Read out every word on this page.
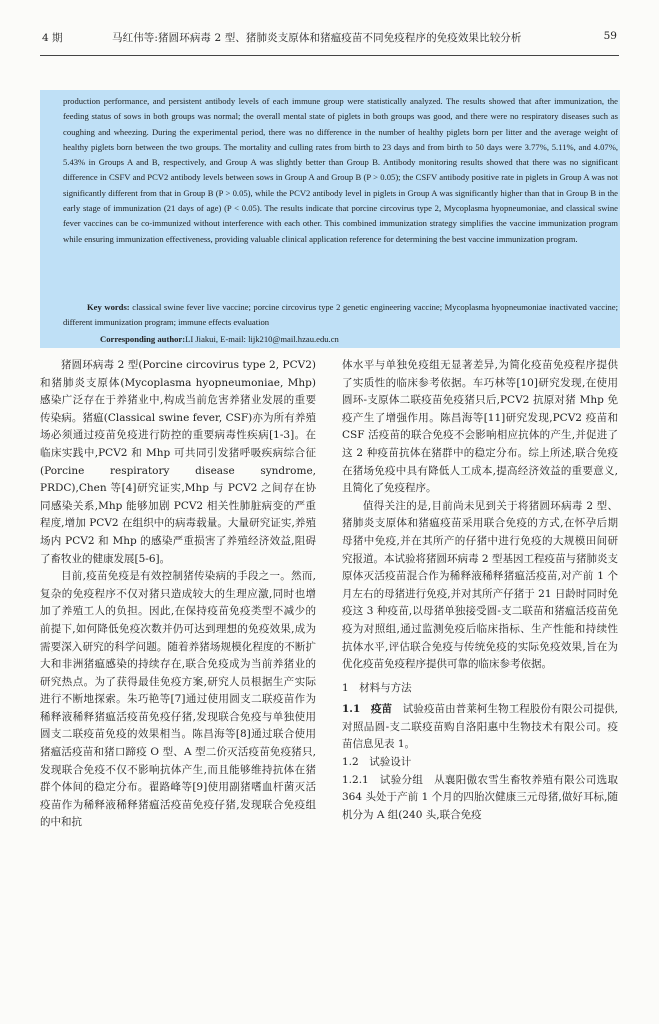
4 期	马红伟等:猪圆环病毒 2 型、猪肺炎支原体和猪瘟疫苗不同免疫程序的免疫效果比较分析	59

production performance, and persistent antibody levels of each immune group were statistically analyzed. The results showed that after immunization, the feeding status of sows in both groups was normal; the overall mental state of piglets in both groups was good, and there were no respiratory diseases such as coughing and wheezing. During the experimental period, there was no difference in the number of healthy piglets born per litter and the average weight of healthy piglets born between the two groups. The mortality and culling rates from birth to 23 days and from birth to 50 days were 3.77%, 5.11%, and 4.07%, 5.43% in Groups A and B, respectively, and Group A was slightly better than Group B. Antibody monitoring results showed that there was no significant difference in CSFV and PCV2 antibody levels between sows in Group A and Group B (P > 0.05); the CSFV antibody positive rate in piglets in Group A was not significantly different from that in Group B (P > 0.05), while the PCV2 antibody level in piglets in Group A was significantly higher than that in Group B in the early stage of immunization (21 days of age) (P < 0.05). The results indicate that porcine circovirus type 2, Mycoplasma hyopneumoniae, and classical swine fever vaccines can be co-immunized without interference with each other. This combined immunization strategy simplifies the vaccine immunization program while ensuring immunization effectiveness, providing valuable clinical application reference for determining the best vaccine immunization program.

Key words: classical swine fever live vaccine; porcine circovirus type 2 genetic engineering vaccine; Mycoplasma hyopneumoniae inactivated vaccine; different immunization program; immune effects evaluation

Corresponding author:LI Jiakui, E-mail: lijk210@mail.hzau.edu.cn

猪圆环病毒 2 型(Porcine circovirus type 2, PCV2)和猪肺炎支原体(Mycoplasma hyopneumoniae, Mhp)感染广泛存在于养猪业中,构成当前危害养猪业发展的重要传染病。猪瘟(Classical swine fever, CSF)亦为所有养殖场必须通过疫苗免疫进行防控的重要病毒性疾病[1-3]。在临床实践中,PCV2 和 Mhp 可共同引发猪呼吸疾病综合征(Porcine respiratory disease syndrome, PRDC),Chen 等[4]研究证实,Mhp 与 PCV2 之间存在协同感染关系,Mhp 能够加剧 PCV2 相关性肺脏病变的严重程度,增加 PCV2 在组织中的病毒载量。大量研究证实,养殖场内 PCV2 和 Mhp 的感染严重损害了养殖经济效益,阻碍了畜牧业的健康发展[5-6]。

目前,疫苗免疫是有效控制猪传染病的手段之一。然而,复杂的免疫程序不仅对猪只造成较大的生理应激,同时也增加了养殖工人的负担。因此,在保持疫苗免疫类型不减少的前提下,如何降低免疫次数并仍可达到理想的免疫效果,成为需要深入研究的科学问题。随着养猪场规模化程度的不断扩大和非洲猪瘟感染的持续存在,联合免疫成为当前养猪业的研究热点。为了获得最佳免疫方案,研究人员根据生产实际进行不断地探索。朱巧艳等[7]通过使用圆支二联疫苗作为稀释液稀释猪瘟活疫苗免疫仔猪,发现联合免疫与单独使用圆支二联疫苗免疫的效果相当。陈昌海等[8]通过联合使用猪瘟活疫苗和猪口蹄疫 O 型、A 型二价灭活疫苗免疫猪只,发现联合免疫不仅不影响抗体产生,而且能够维持抗体在猪群个体间的稳定分布。翟路峰等[9]使用副猪嗜血杆菌灭活疫苗作为稀释液稀释猪瘟活疫苗免疫仔猪,发现联合免疫组的中和抗

体水平与单独免疫组无显著差异,为简化疫苗免疫程序提供了实质性的临床参考依据。车巧林等[10]研究发现,在使用圆环-支原体二联疫苗免疫猪只后,PCV2 抗原对猪 Mhp 免疫产生了增强作用。陈昌海等[11]研究发现,PCV2 疫苗和 CSF 活疫苗的联合免疫不会影响相应抗体的产生,并促进了这 2 种疫苗抗体在猪群中的稳定分布。综上所述,联合免疫在猪场免疫中具有降低人工成本,提高经济效益的重要意义,且简化了免疫程序。

值得关注的是,目前尚未见到关于将猪圆环病毒 2 型、猪肺炎支原体和猪瘟疫苗采用联合免疫的方式,在怀孕后期母猪中免疫,并在其所产的仔猪中进行免疫的大规模田间研究报道。本试验将猪圆环病毒 2 型基因工程疫苗与猪肺炎支原体灭活疫苗混合作为稀释液稀释猪瘟活疫苗,对产前 1 个月左右的母猪进行免疫,并对其所产仔猪于 21 日龄时同时免疫这 3 种疫苗,以母猪单独接受圆-支二联苗和猪瘟活疫苗免疫为对照组,通过监测免疫后临床指标、生产性能和持续性抗体水平,评估联合免疫与传统免疫的实际免疫效果,旨在为优化疫苗免疫程序提供可靠的临床参考依据。

1　材料与方法

1.1　疫苗　 试验疫苗由普莱柯生物工程股份有限公司提供,对照品圆-支二联疫苗购自洛阳惠中生物技术有限公司。疫苗信息见表 1。

1.2　试验设计

1.2.1　试验分组　 从襄阳傲农雪生畜牧养殖有限公司选取 364 头处于产前 1 个月的四胎次健康三元母猪,做好耳标,随机分为 A 组(240 头,联合免疫
